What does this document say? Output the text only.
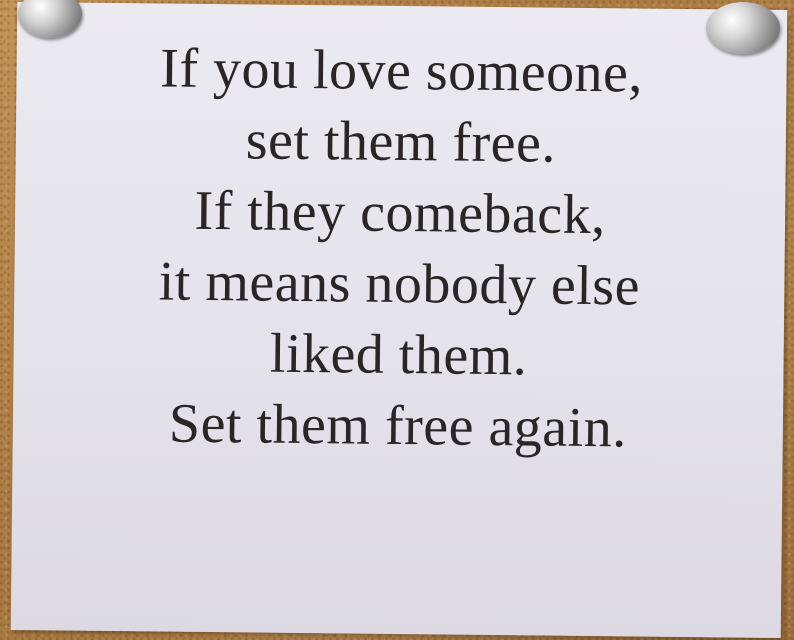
If you love someone,
set them free.
If they comeback,
it means nobody else
liked them.
Set them free again.
